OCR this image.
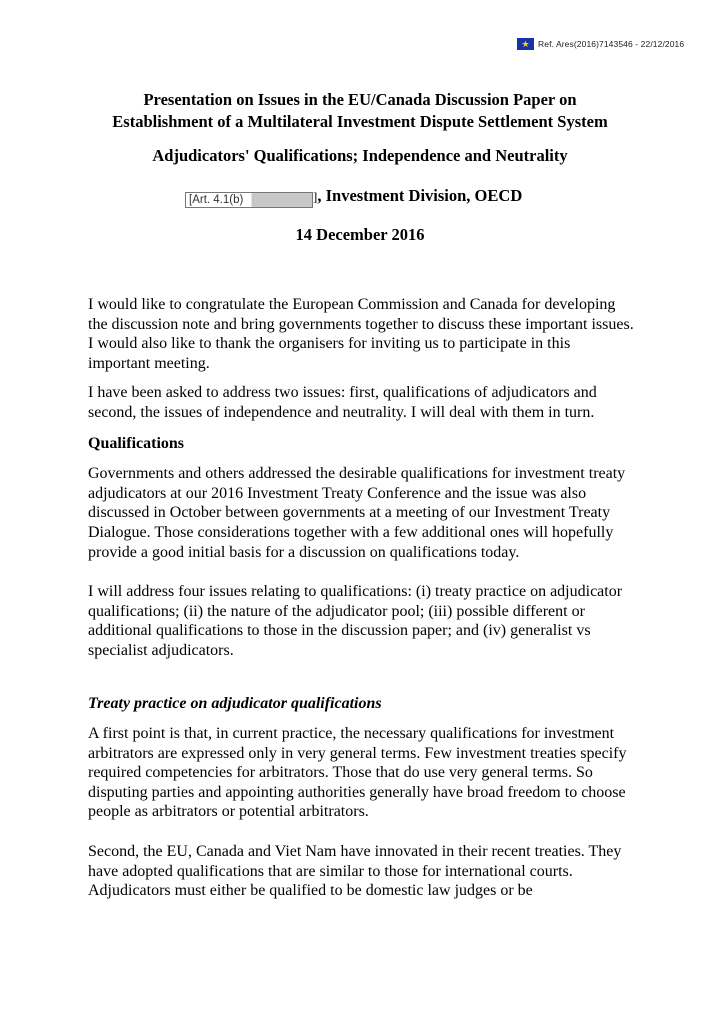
★ Ref. Ares(2016)7143546 - 22/12/2016
Presentation on Issues in the EU/Canada Discussion Paper on
Establishment of a Multilateral Investment Dispute Settlement System
Adjudicators' Qualifications; Independence and Neutrality
[Art. 4.1(b)	] , Investment Division, OECD
14 December 2016

I would like to congratulate the European Commission and Canada for developing the discussion note and bring governments together to discuss these important issues. I would also like to thank the organisers for inviting us to participate in this important meeting.

I have been asked to address two issues: first, qualifications of adjudicators and second, the issues of independence and neutrality. I will deal with them in turn.

Qualifications

Governments and others addressed the desirable qualifications for investment treaty adjudicators at our 2016 Investment Treaty Conference and the issue was also discussed in October between governments at a meeting of our Investment Treaty Dialogue. Those considerations together with a few additional ones will hopefully provide a good initial basis for a discussion on qualifications today.

I will address four issues relating to qualifications: (i) treaty practice on adjudicator qualifications; (ii) the nature of the adjudicator pool; (iii) possible different or additional qualifications to those in the discussion paper; and (iv) generalist vs specialist adjudicators.

Treaty practice on adjudicator qualifications

A first point is that, in current practice, the necessary qualifications for investment arbitrators are expressed only in very general terms. Few investment treaties specify required competencies for arbitrators. Those that do use very general terms. So disputing parties and appointing authorities generally have broad freedom to choose people as arbitrators or potential arbitrators.

Second, the EU, Canada and Viet Nam have innovated in their recent treaties. They have adopted qualifications that are similar to those for international courts. Adjudicators must either be qualified to be domestic law judges or be
